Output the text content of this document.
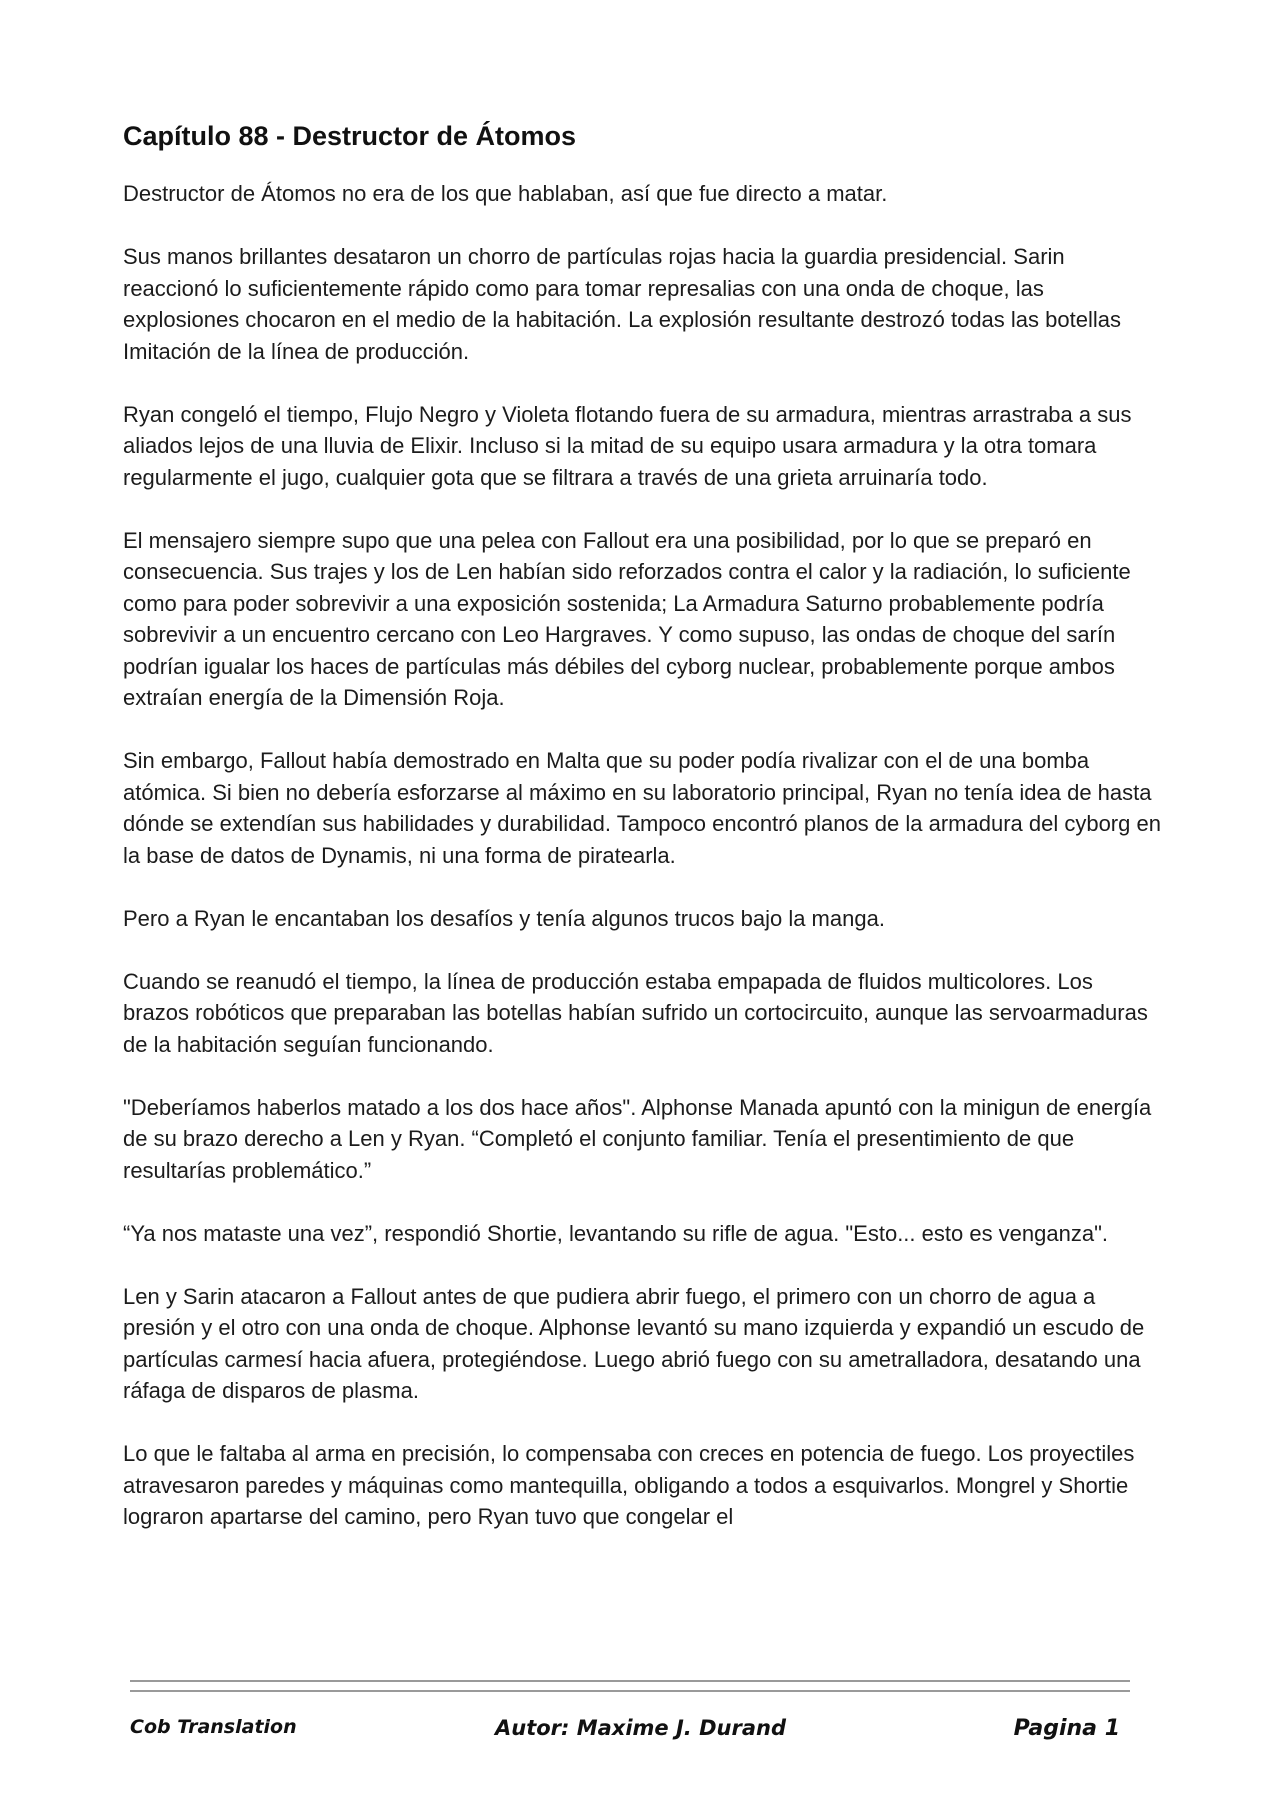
Capítulo 88 - Destructor de Átomos

Destructor de Átomos no era de los que hablaban, así que fue directo a matar.

Sus manos brillantes desataron un chorro de partículas rojas hacia la guardia presidencial. Sarin reaccionó lo suficientemente rápido como para tomar represalias con una onda de choque, las explosiones chocaron en el medio de la habitación. La explosión resultante destrozó todas las botellas Imitación de la línea de producción.

Ryan congeló el tiempo, Flujo Negro y Violeta flotando fuera de su armadura, mientras arrastraba a sus aliados lejos de una lluvia de Elixir. Incluso si la mitad de su equipo usara armadura y la otra tomara regularmente el jugo, cualquier gota que se filtrara a través de una grieta arruinaría todo.

El mensajero siempre supo que una pelea con Fallout era una posibilidad, por lo que se preparó en consecuencia. Sus trajes y los de Len habían sido reforzados contra el calor y la radiación, lo suficiente como para poder sobrevivir a una exposición sostenida; La Armadura Saturno probablemente podría sobrevivir a un encuentro cercano con Leo Hargraves. Y como supuso, las ondas de choque del sarín podrían igualar los haces de partículas más débiles del cyborg nuclear, probablemente porque ambos extraían energía de la Dimensión Roja.

Sin embargo, Fallout había demostrado en Malta que su poder podía rivalizar con el de una bomba atómica. Si bien no debería esforzarse al máximo en su laboratorio principal, Ryan no tenía idea de hasta dónde se extendían sus habilidades y durabilidad. Tampoco encontró planos de la armadura del cyborg en la base de datos de Dynamis, ni una forma de piratearla.

Pero a Ryan le encantaban los desafíos y tenía algunos trucos bajo la manga.

Cuando se reanudó el tiempo, la línea de producción estaba empapada de fluidos multicolores. Los brazos robóticos que preparaban las botellas habían sufrido un cortocircuito, aunque las servoarmaduras de la habitación seguían funcionando.

"Deberíamos haberlos matado a los dos hace años". Alphonse Manada apuntó con la minigun de energía de su brazo derecho a Len y Ryan. “Completó el conjunto familiar. Tenía el presentimiento de que resultarías problemático.”

“Ya nos mataste una vez”, respondió Shortie, levantando su rifle de agua. "Esto... esto es venganza".

Len y Sarin atacaron a Fallout antes de que pudiera abrir fuego, el primero con un chorro de agua a presión y el otro con una onda de choque. Alphonse levantó su mano izquierda y expandió un escudo de partículas carmesí hacia afuera, protegiéndose. Luego abrió fuego con su ametralladora, desatando una ráfaga de disparos de plasma.

Lo que le faltaba al arma en precisión, lo compensaba con creces en potencia de fuego. Los proyectiles atravesaron paredes y máquinas como mantequilla, obligando a todos a esquivarlos. Mongrel y Shortie lograron apartarse del camino, pero Ryan tuvo que congelar el

Cob Translation	Autor: Maxime J. Durand	Pagina 1
